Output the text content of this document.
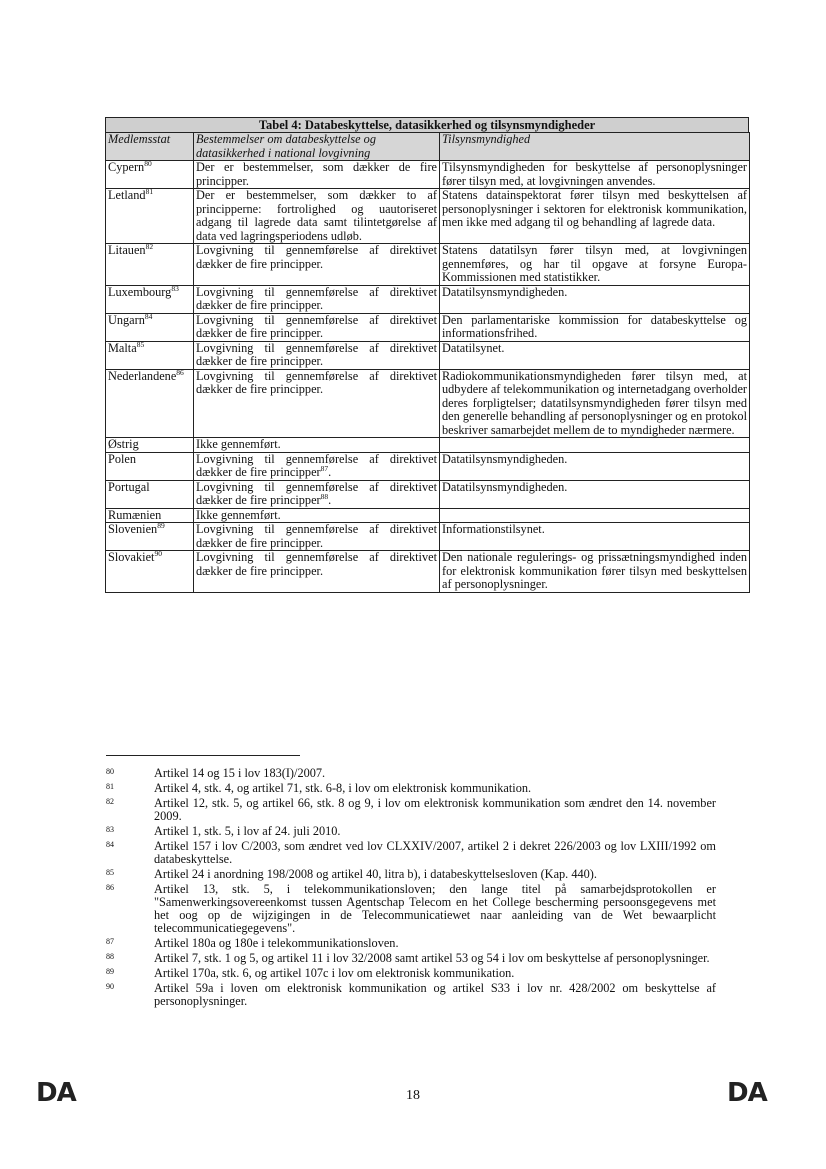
Tabel 4: Databeskyttelse, datasikkerhed og tilsynsmyndigheder
Medlemsstat	Bestemmelser om databeskyttelse og datasikkerhed i national lovgivning	Tilsynsmyndighed
Cypern$^{80}$	Der er bestemmelser, som dækker de fire principper.	Tilsynsmyndigheden for beskyttelse af personoplysninger fører tilsyn med, at lovgivningen anvendes.
Letland$^{81}$	Der er bestemmelser, som dækker to af principperne: fortrolighed og uautoriseret adgang til lagrede data samt tilintetgørelse af data ved lagringsperiodens udløb.	Statens datainspektorat fører tilsyn med beskyttelsen af personoplysninger i sektoren for elektronisk kommunikation, men ikke med adgang til og behandling af lagrede data.
Litauen$^{82}$	Lovgivning til gennemførelse af direktivet dækker de fire principper.	Statens datatilsyn fører tilsyn med, at lovgivningen gennemføres, og har til opgave at forsyne Europa-Kommissionen med statistikker.
Luxembourg$^{83}$	Lovgivning til gennemførelse af direktivet dækker de fire principper.	Datatilsynsmyndigheden.
Ungarn$^{84}$	Lovgivning til gennemførelse af direktivet dækker de fire principper.	Den parlamentariske kommission for databeskyttelse og informationsfrihed.
Malta$^{85}$	Lovgivning til gennemførelse af direktivet dækker de fire principper.	Datatilsynet.
Nederlandene$^{86}$	Lovgivning til gennemførelse af direktivet dækker de fire principper.	Radiokommunikationsmyndigheden fører tilsyn med, at udbydere af telekommunikation og internetadgang overholder deres forpligtelser; datatilsynsmyndigheden fører tilsyn med den generelle behandling af personoplysninger og en protokol beskriver samarbejdet mellem de to myndigheder nærmere.
Østrig	Ikke gennemført.	
Polen	Lovgivning til gennemførelse af direktivet dækker de fire principper$^{87}$.	Datatilsynsmyndigheden.
Portugal	Lovgivning til gennemførelse af direktivet dækker de fire principper$^{88}$.	Datatilsynsmyndigheden.
Rumænien	Ikke gennemført.	
Slovenien$^{89}$	Lovgivning til gennemførelse af direktivet dækker de fire principper.	Informationstilsynet.
Slovakiet$^{90}$	Lovgivning til gennemførelse af direktivet dækker de fire principper.	Den nationale regulerings- og prissætningsmyndighed inden for elektronisk kommunikation fører tilsyn med beskyttelsen af personoplysninger.
80	Artikel 14 og 15 i lov 183(I)/2007.
81	Artikel 4, stk. 4, og artikel 71, stk. 6-8, i lov om elektronisk kommunikation.
82	Artikel 12, stk. 5, og artikel 66, stk. 8 og 9, i lov om elektronisk kommunikation som ændret den 14. november 2009.
83	Artikel 1, stk. 5, i lov af 24. juli 2010.
84	Artikel 157 i lov C/2003, som ændret ved lov CLXXIV/2007, artikel 2 i dekret 226/2003 og lov LXIII/1992 om databeskyttelse.
85	Artikel 24 i anordning 198/2008 og artikel 40, litra b), i databeskyttelsesloven (Kap. 440).
86	Artikel 13, stk. 5, i telekommunikationsloven; den lange titel på samarbejdsprotokollen er "Samenwerkingsovereenkomst tussen Agentschap Telecom en het College bescherming persoonsgegevens met het oog op de wijzigingen in de Telecommunicatiewet naar aanleiding van de Wet bewaarplicht telecommunicatiegegevens".
87	Artikel 180a og 180e i telekommunikationsloven.
88	Artikel 7, stk. 1 og 5, og artikel 11 i lov 32/2008 samt artikel 53 og 54 i lov om beskyttelse af personoplysninger.
89	Artikel 170a, stk. 6, og artikel 107c i lov om elektronisk kommunikation.
90	Artikel 59a i loven om elektronisk kommunikation og artikel S33 i lov nr. 428/2002 om beskyttelse af personoplysninger.
DA	18	DA
